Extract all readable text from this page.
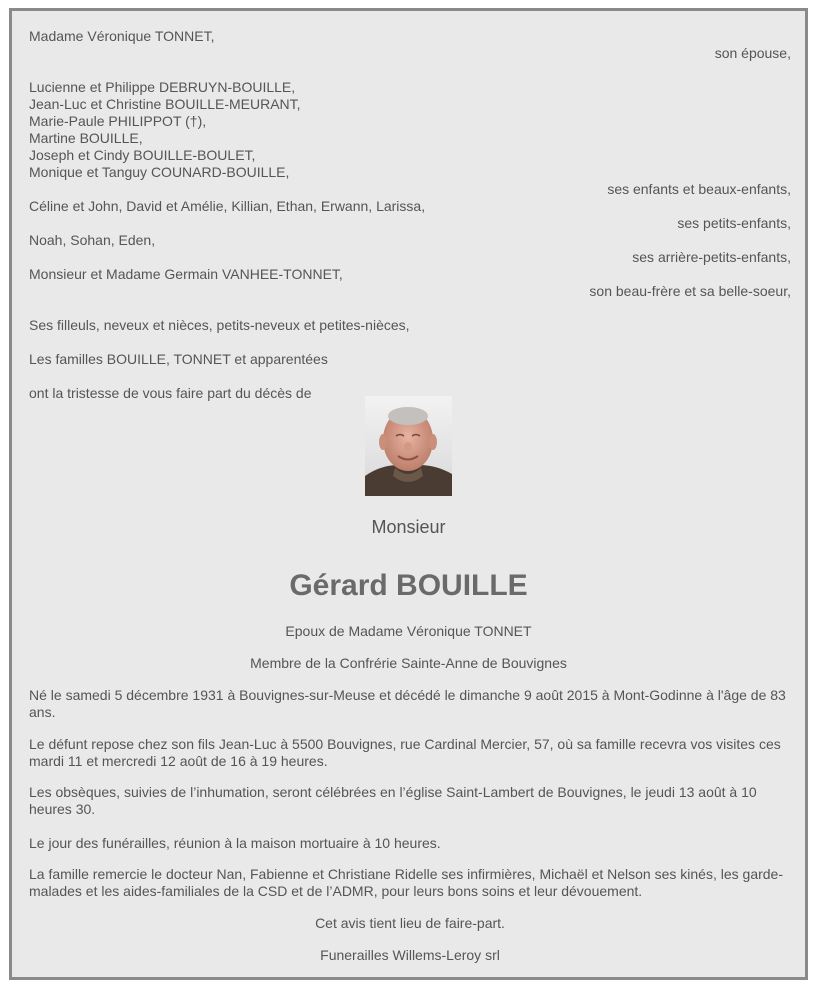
Madame Véronique TONNET,
son épouse,
Lucienne et Philippe DEBRUYN-BOUILLE,
Jean-Luc et Christine BOUILLE-MEURANT,
Marie-Paule PHILIPPOT (†),
Martine BOUILLE,
Joseph et Cindy BOUILLE-BOULET,
Monique et Tanguy COUNARD-BOUILLE,
ses enfants et beaux-enfants,
Céline et John, David et Amélie, Killian, Ethan, Erwann, Larissa,
ses petits-enfants,
Noah, Sohan, Eden,
ses arrière-petits-enfants,
Monsieur et Madame Germain VANHEE-TONNET,
son beau-frère et sa belle-soeur,
Ses filleuls, neveux et nièces, petits-neveux et petites-nièces,
Les familles BOUILLE, TONNET et apparentées
ont la tristesse de vous faire part du décès de
Monsieur
Gérard BOUILLE
Epoux de Madame Véronique TONNET
Membre de la Confrérie Sainte-Anne de Bouvignes
Né le samedi 5 décembre 1931 à Bouvignes-sur-Meuse et décédé le dimanche 9 août 2015 à Mont-Godinne à l'âge de 83 ans.
Le défunt repose chez son fils Jean-Luc à 5500 Bouvignes, rue Cardinal Mercier, 57, où sa famille recevra vos visites ces mardi 11 et mercredi 12 août de 16 à 19 heures.
Les obsèques, suivies de l’inhumation, seront célébrées en l’église Saint-Lambert de Bouvignes, le jeudi 13 août à 10 heures 30.
Le jour des funérailles, réunion à la maison mortuaire à 10 heures.
La famille remercie le docteur Nan, Fabienne et Christiane Ridelle ses infirmières, Michaël et Nelson ses kinés, les garde-malades et les aides-familiales de la CSD et de l’ADMR, pour leurs bons soins et leur dévouement.
Cet avis tient lieu de faire-part.
Funerailles Willems-Leroy srl
